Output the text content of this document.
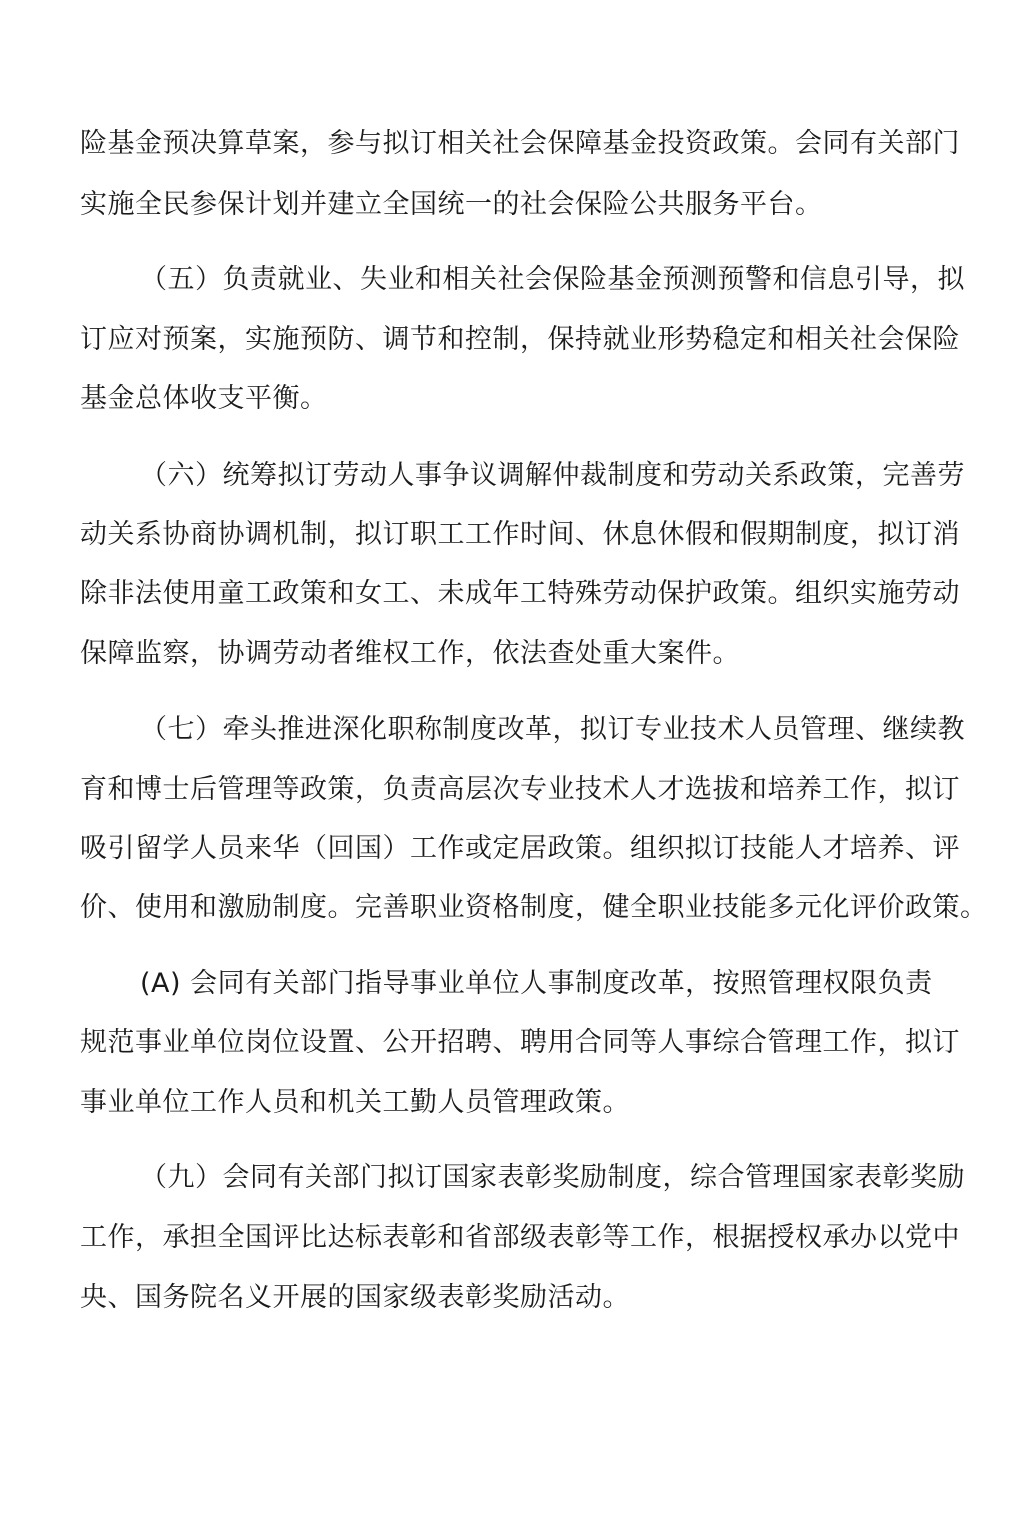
险基金预决算草案，参与拟订相关社会保障基金投资政策。会同有关部门
实施全民参保计划并建立全国统一的社会保险公共服务平台。
（五）负责就业、失业和相关社会保险基金预测预警和信息引导，拟
订应对预案，实施预防、调节和控制，保持就业形势稳定和相关社会保险
基金总体收支平衡。
（六）统筹拟订劳动人事争议调解仲裁制度和劳动关系政策，完善劳
动关系协商协调机制，拟订职工工作时间、休息休假和假期制度，拟订消
除非法使用童工政策和女工、未成年工特殊劳动保护政策。组织实施劳动
保障监察，协调劳动者维权工作，依法查处重大案件。
（七）牵头推进深化职称制度改革，拟订专业技术人员管理、继续教
育和博士后管理等政策，负责高层次专业技术人才选拔和培养工作，拟订
吸引留学人员来华（回国）工作或定居政策。组织拟订技能人才培养、评
价、使用和激励制度。完善职业资格制度，健全职业技能多元化评价政策。
(A) 会同有关部门指导事业单位人事制度改革，按照管理权限负责
规范事业单位岗位设置、公开招聘、聘用合同等人事综合管理工作，拟订
事业单位工作人员和机关工勤人员管理政策。
（九）会同有关部门拟订国家表彰奖励制度，综合管理国家表彰奖励
工作，承担全国评比达标表彰和省部级表彰等工作，根据授权承办以党中
央、国务院名义开展的国家级表彰奖励活动。
